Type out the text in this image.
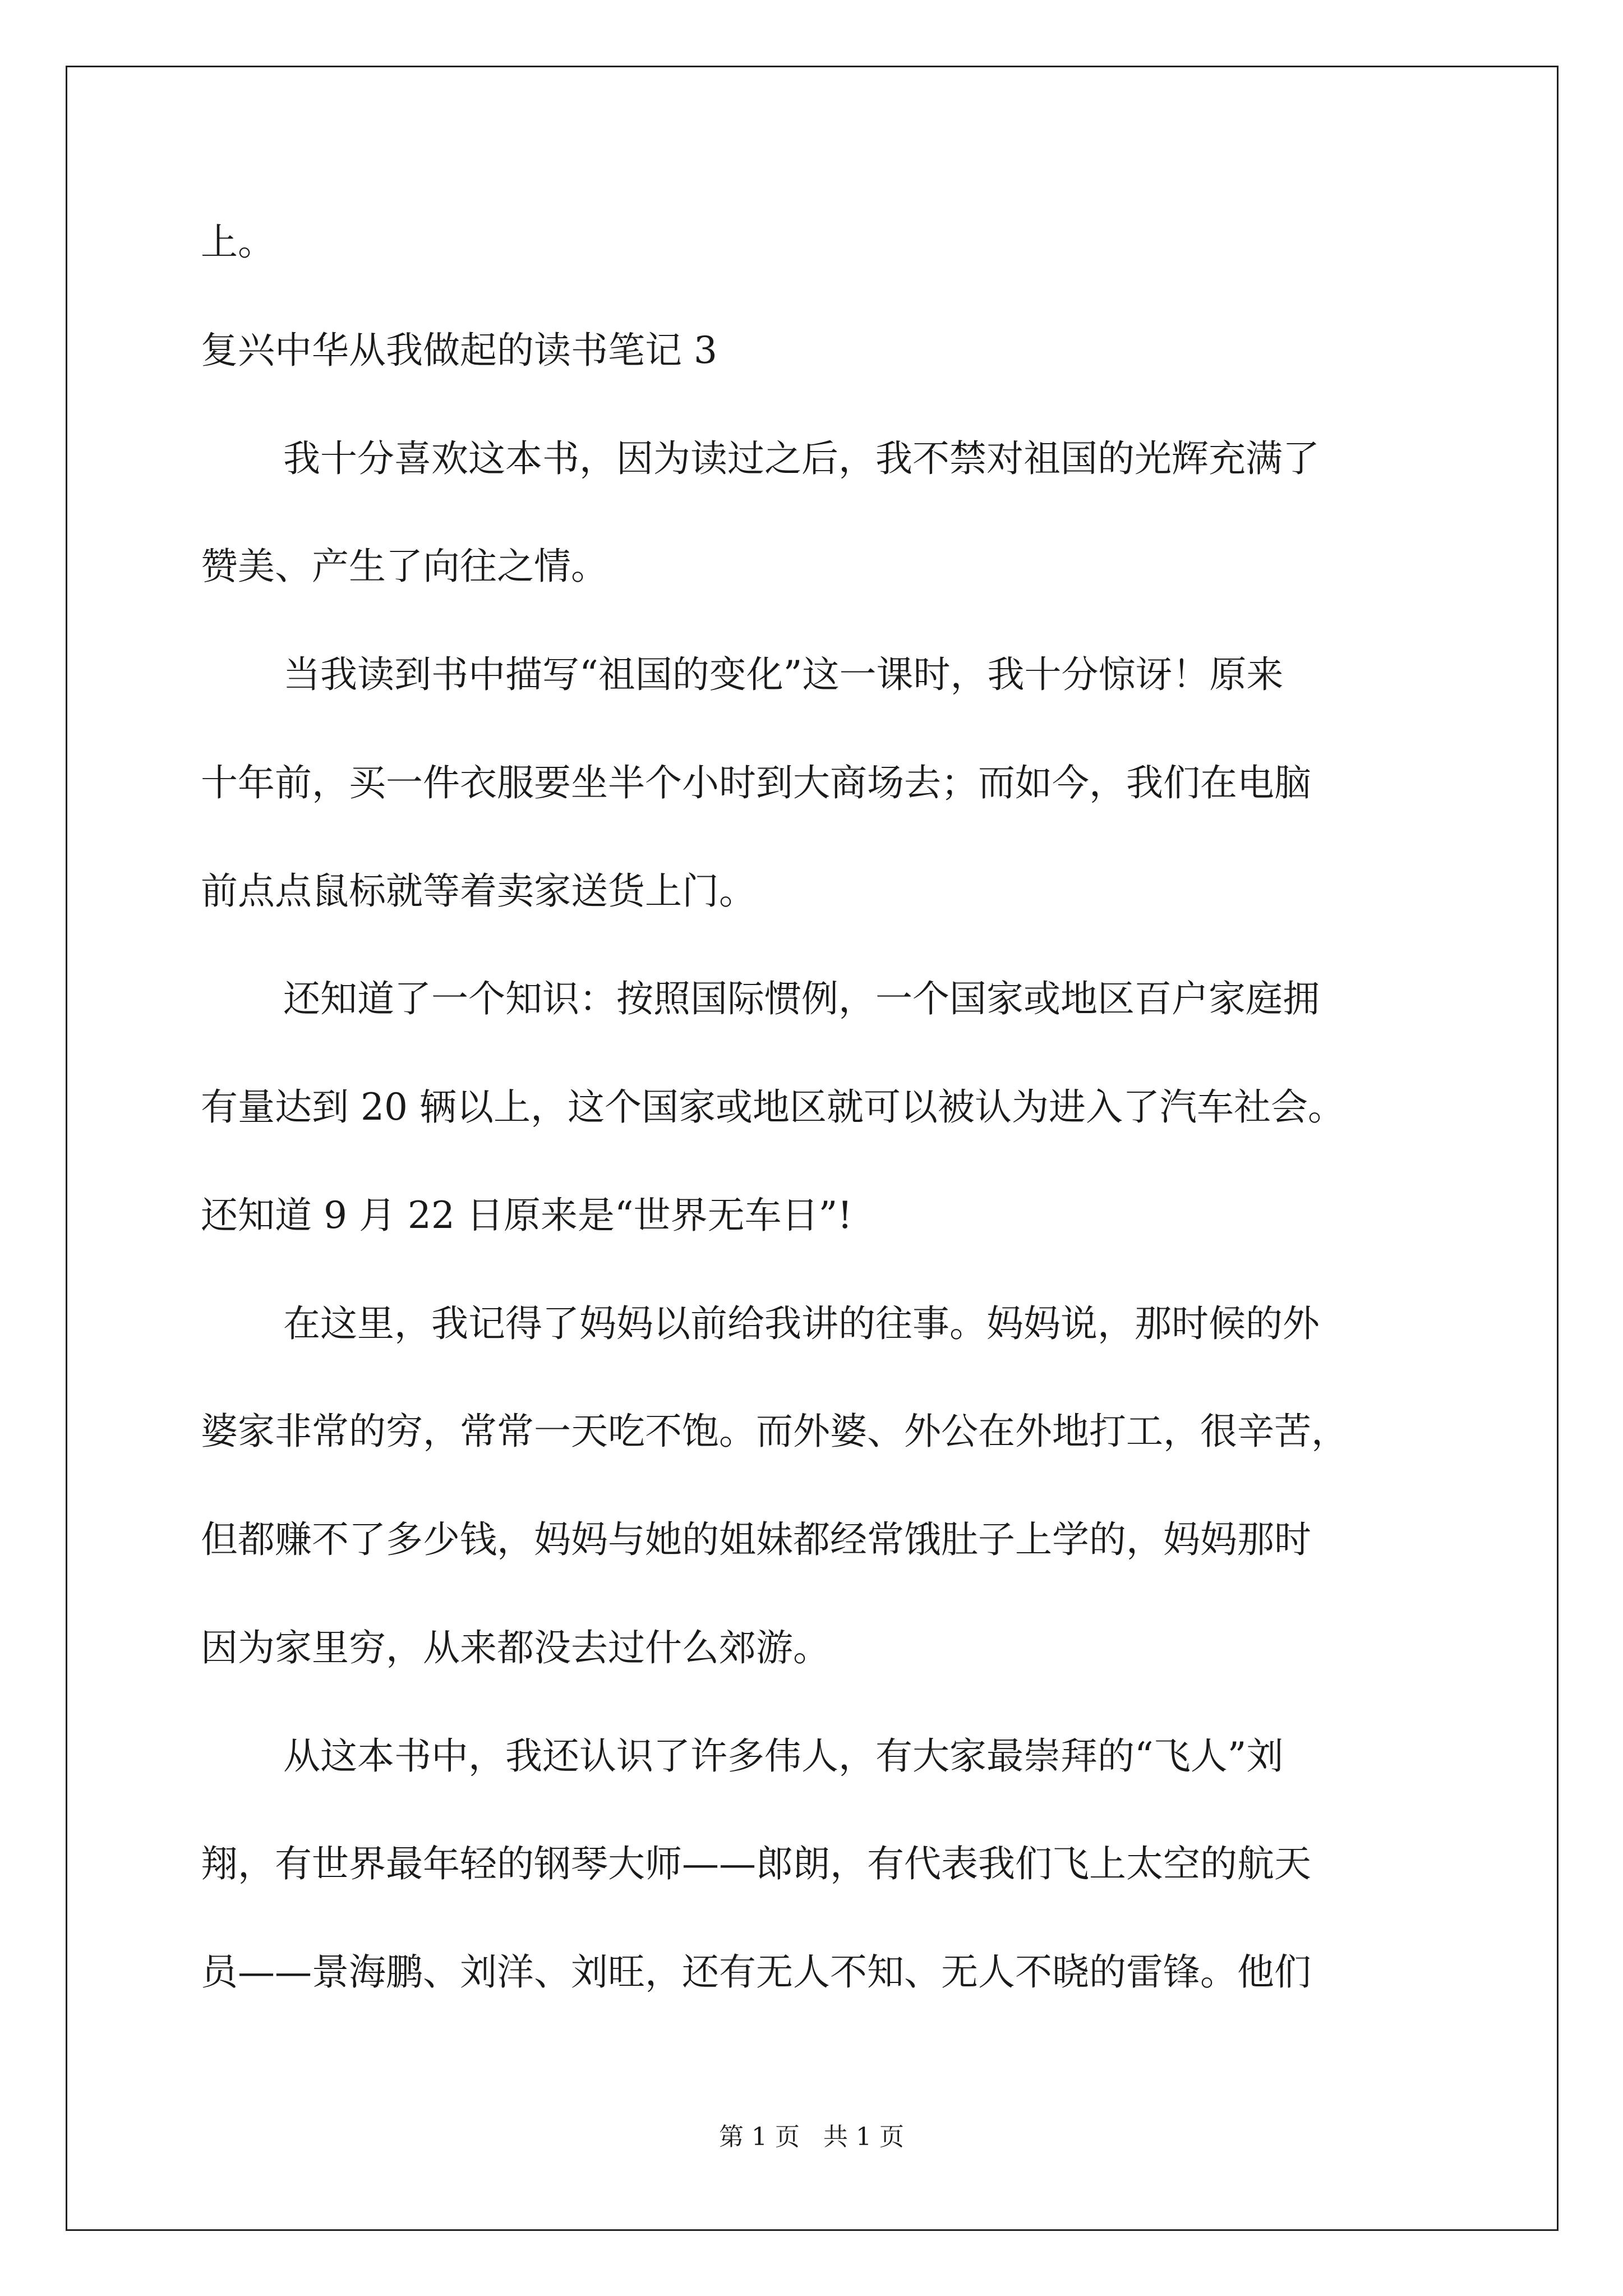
上。
复兴中华从我做起的读书笔记 3
我十分喜欢这本书，因为读过之后，我不禁对祖国的光辉充满了
赞美、产生了向往之情。
当我读到书中描写“祖国的变化”这一课时，我十分惊讶！原来
十年前，买一件衣服要坐半个小时到大商场去；而如今，我们在电脑
前点点鼠标就等着卖家送货上门。
还知道了一个知识：按照国际惯例，一个国家或地区百户家庭拥
有量达到 20 辆以上，这个国家或地区就可以被认为进入了汽车社会。
还知道 9 月 22 日原来是“世界无车日”!
在这里，我记得了妈妈以前给我讲的往事。妈妈说，那时候的外
婆家非常的穷，常常一天吃不饱。而外婆、外公在外地打工，很辛苦，
但都赚不了多少钱，妈妈与她的姐妹都经常饿肚子上学的，妈妈那时
因为家里穷，从来都没去过什么郊游。
从这本书中，我还认识了许多伟人，有大家最崇拜的“飞人”刘
翔，有世界最年轻的钢琴大师——郎朗，有代表我们飞上太空的航天
员——景海鹏、刘洋、刘旺，还有无人不知、无人不晓的雷锋。他们
第 1 页   共 1 页
